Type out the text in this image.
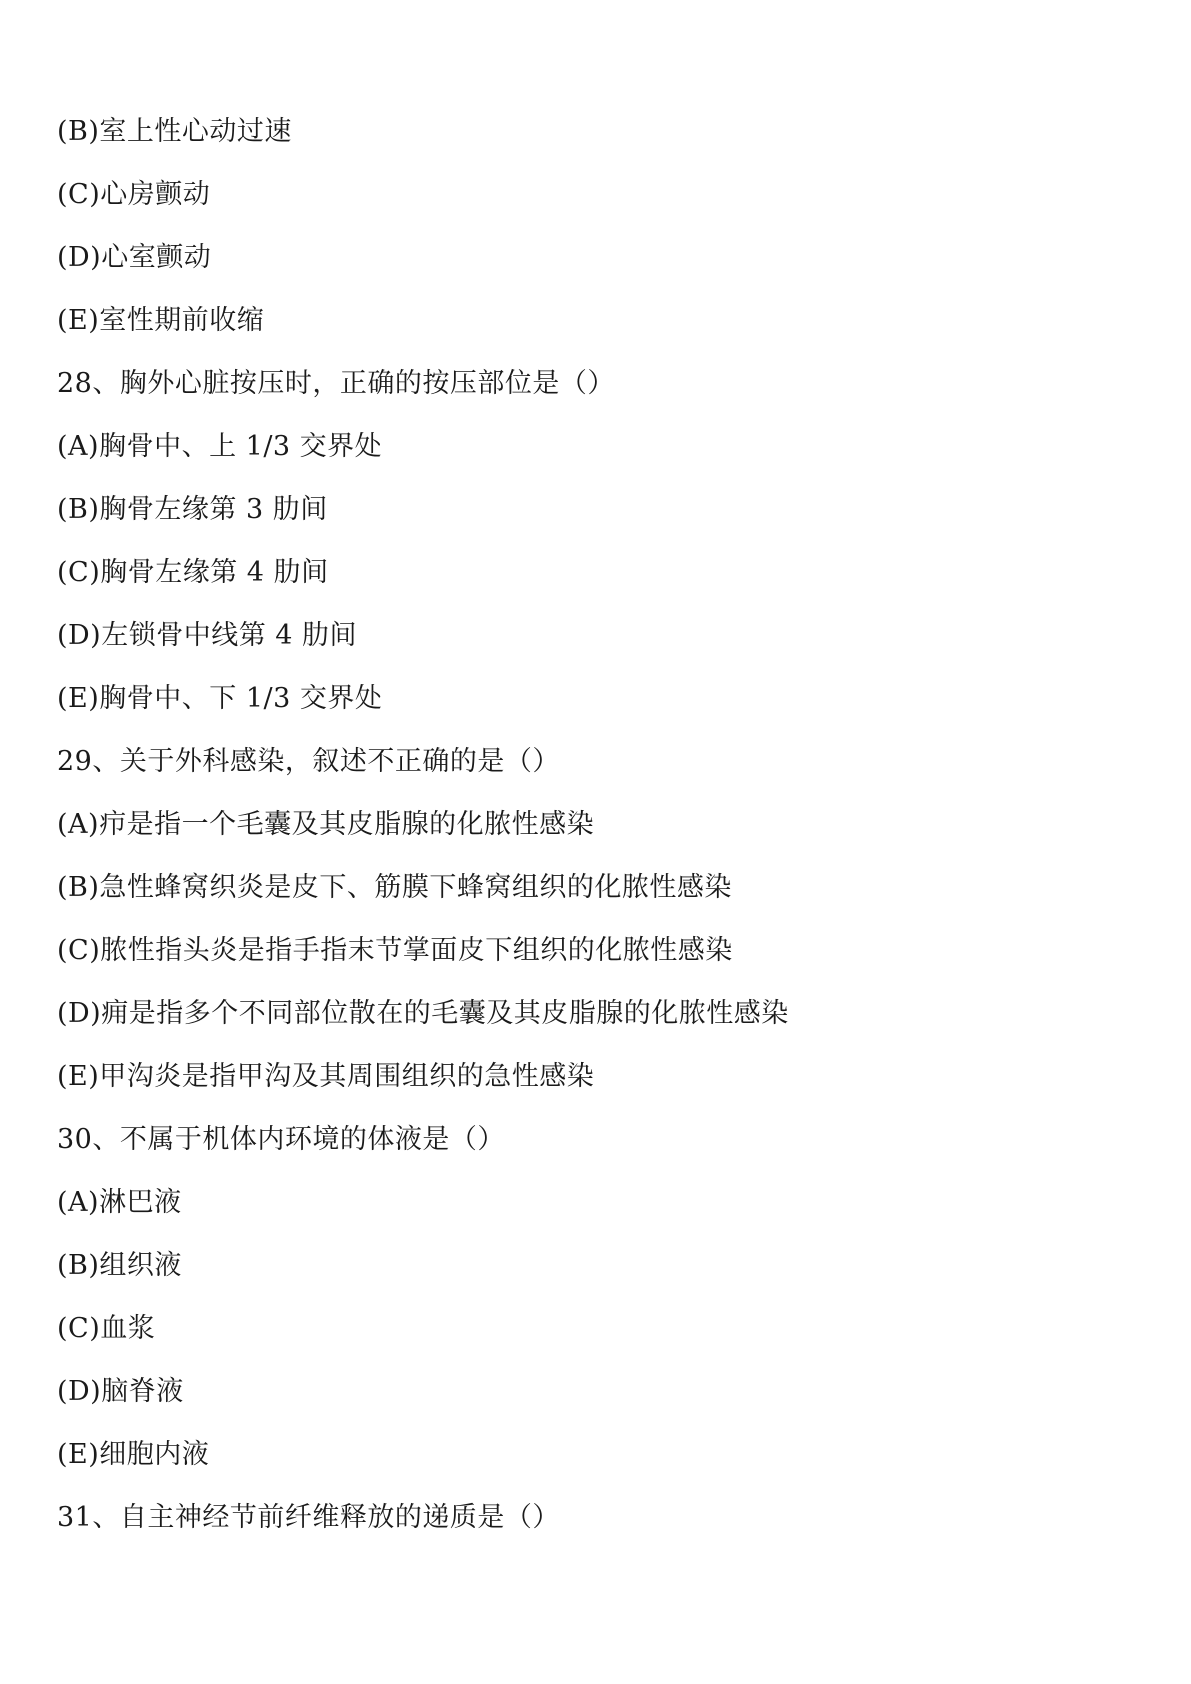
(B)室上性心动过速
(C)心房颤动
(D)心室颤动
(E)室性期前收缩
28、胸外心脏按压时，正确的按压部位是（）
(A)胸骨中、上 1/3 交界处
(B)胸骨左缘第 3 肋间
(C)胸骨左缘第 4 肋间
(D)左锁骨中线第 4 肋间
(E)胸骨中、下 1/3 交界处
29、关于外科感染，叙述不正确的是（）
(A)疖是指一个毛囊及其皮脂腺的化脓性感染
(B)急性蜂窝织炎是皮下、筋膜下蜂窝组织的化脓性感染
(C)脓性指头炎是指手指末节掌面皮下组织的化脓性感染
(D)痈是指多个不同部位散在的毛囊及其皮脂腺的化脓性感染
(E)甲沟炎是指甲沟及其周围组织的急性感染
30、不属于机体内环境的体液是（）
(A)淋巴液
(B)组织液
(C)血浆
(D)脑脊液
(E)细胞内液
31、自主神经节前纤维释放的递质是（）
